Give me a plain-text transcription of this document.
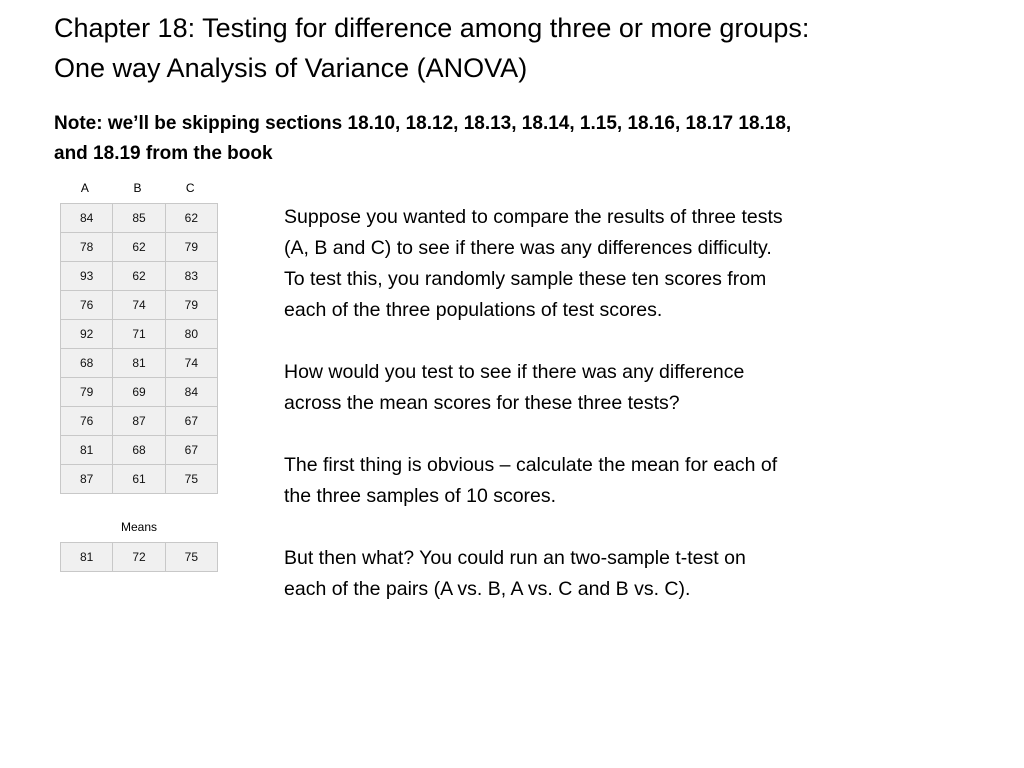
Chapter 18: Testing for difference among three or more groups:
One way Analysis of Variance (ANOVA)
Note: we’ll be skipping sections 18.10, 18.12, 18.13, 18.14, 1.15, 18.16, 18.17 18.18,
and 18.19 from the book
A	B	C
84	85	62
78	62	79
93	62	83
76	74	79
92	71	80
68	81	74
79	69	84
76	87	67
81	68	67
87	61	75
Means
81	72	75

Suppose you wanted to compare the results of three tests
(A, B and C) to see if there was any differences difficulty.
To test this, you randomly sample these ten scores from
each of the three populations of test scores.

How would you test to see if there was any difference
across the mean scores for these three tests?

The first thing is obvious – calculate the mean for each of
the three samples of 10 scores.

But then what? You could run an two-sample t-test on
each of the pairs (A vs. B, A vs. C and B vs. C).
